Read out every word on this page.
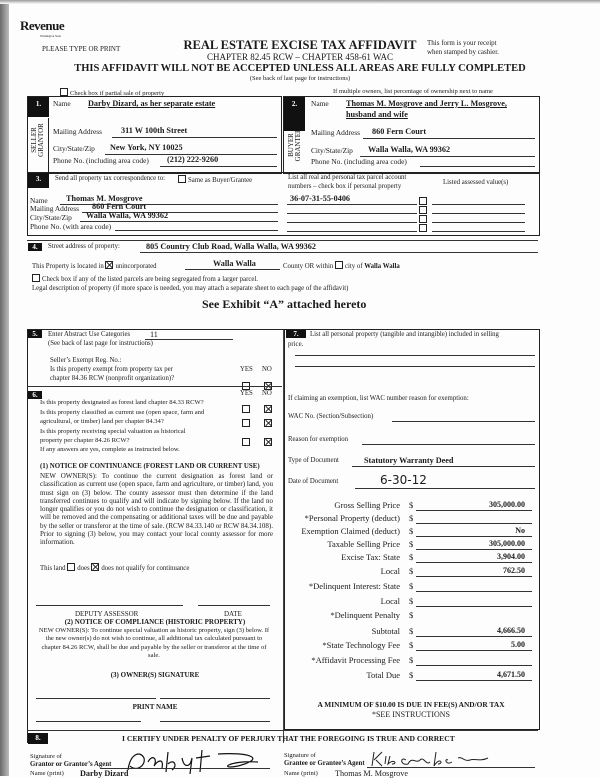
Revenue
Washington State
PLEASE TYPE OR PRINT	REAL ESTATE EXCISE TAX AFFIDAVIT
CHAPTER 82.45 RCW – CHAPTER 458-61 WAC
This form is your receipt
when stamped by cashier.
THIS AFFIDAVIT WILL NOT BE ACCEPTED UNLESS ALL AREAS ARE FULLY COMPLETED
(See back of last page for instructions)
Check box if partial sale of property	If multiple owners, list percentage of ownership next to name
1.
SELLER
GRANTOR
Name Darby Dizard, as her separate estate
Mailing Address 311 W 100th Street
City/State/Zip New York, NY 10025
Phone No. (including area code) (212) 222-9260
2.
BUYER
GRANTEE
Name Thomas M. Mosgrove and Jerry L. Mosgrove,
husband and wife
Mailing Address 860 Fern Court
City/State/Zip Walla Walla, WA 99362
Phone No. (including area code)
3.	Send all property tax correspondence to:	Same as Buyer/Grantee	List all real and personal tax parcel account
numbers – check box if personal property
Listed assessed value(s)
Name Thomas M. Mosgrove
Mailing Address 860 Fern Court
City/State/Zip Walla Walla, WA 99362
Phone No. (with area code)
36-07-31-55-0406

4.	Street address of property:	805 Country Club Road, Walla Walla, WA 99362
This Property is located in unincorporated	Walla Walla	County OR within city of Walla Walla
Check box if any of the listed parcels are being segregated from a larger parcel.
Legal description of property (if more space is needed, you may attach a separate sheet to each page of the affidavit)
See Exhibit “A” attached hereto
5.	Enter Abstract Use Categories 11
(See back of last page for instructions)
Seller’s Exempt Reg. No.:
Is this property exempt from property tax per
chapter 84.36 RCW (nonprofit organization)?
YES NO
6.	YES NO
Is this property designated as forest land chapter 84.33 RCW?
Is this property classified as current use (open space, farm and
agricultural, or timber) land per chapter 84.34?
Is this property receiving special valuation as historical
property per chapter 84.26 RCW?
If any answers are yes, complete as instructed below.
(1) NOTICE OF CONTINUANCE (FOREST LAND OR CURRENT USE)
NEW OWNER(S): To continue the current designation as forest land or classification as current use (open space, farm and agriculture, or timber) land, you must sign on (3) below. The county assessor must then determine if the land transferred continues to qualify and will indicate by signing below. If the land no longer qualifies or you do not wish to continue the designation or classification, it will be removed and the compensating or additional taxes will be due and payable by the seller or transferor at the time of sale. (RCW 84.33.140 or RCW 84.34.108). Prior to signing (3) below, you may contact your local county assessor for more information.
This land does does not qualify for continuance
DEPUTY ASSESSOR	DATE
(2) NOTICE OF COMPLIANCE (HISTORIC PROPERTY)
NEW OWNER(S): To continue special valuation as historic property, sign (3) below. If the new owner(s) do not wish to continue, all additional tax calculated pursuant to chapter 84.26 RCW, shall be due and payable by the seller or transferor at the time of sale.
(3) OWNER(S) SIGNATURE
PRINT NAME
7.	List all personal property (tangible and intangible) included in selling
price.
If claiming an exemption, list WAC number reason for exemption:
WAC No. (Section/Subsection)
Reason for exemption
Type of Document	Statutory Warranty Deed
Date of Document	6-30-12
Gross Selling Price $	305,000.00
*Personal Property (deduct) $
Exemption Claimed (deduct) $	No
Taxable Selling Price $	305,000.00
Excise Tax: State $	3,904.00
Local $	762.50
*Delinquent Interest: State $
Local $
*Delinquent Penalty $
Subtotal $	4,666.50
*State Technology Fee $	5.00
*Affidavit Processing Fee $
Total Due $	4,671.50
A MINIMUM OF $10.00 IS DUE IN FEE(S) AND/OR TAX
*SEE INSTRUCTIONS
8.	I CERTIFY UNDER PENALTY OF PERJURY THAT THE FOREGOING IS TRUE AND CORRECT
Signature of
Grantor or Grantor’s Agent
Name (print) Darby Dizard
Signature of
Grantee or Grantee’s Agent
Name (print) Thomas M. Mosgrove
